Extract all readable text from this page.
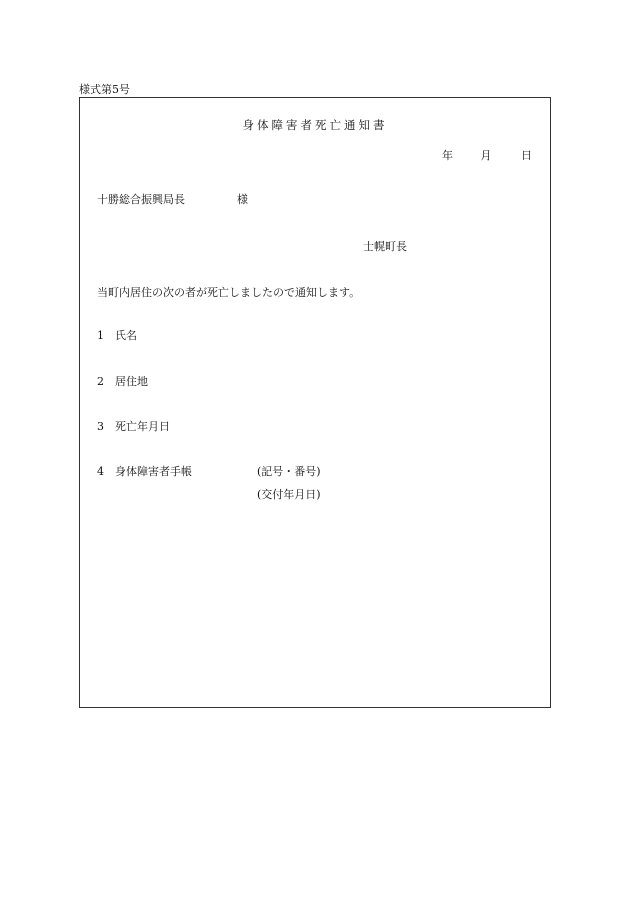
様式第5号
身体障害者死亡通知書
年	月	日
十勝総合振興局長	様
士幌町長
当町内居住の次の者が死亡しましたので通知します。
1 氏名
2 居住地
3 死亡年月日
4 身体障害者手帳	(記号・番号)
(交付年月日)
